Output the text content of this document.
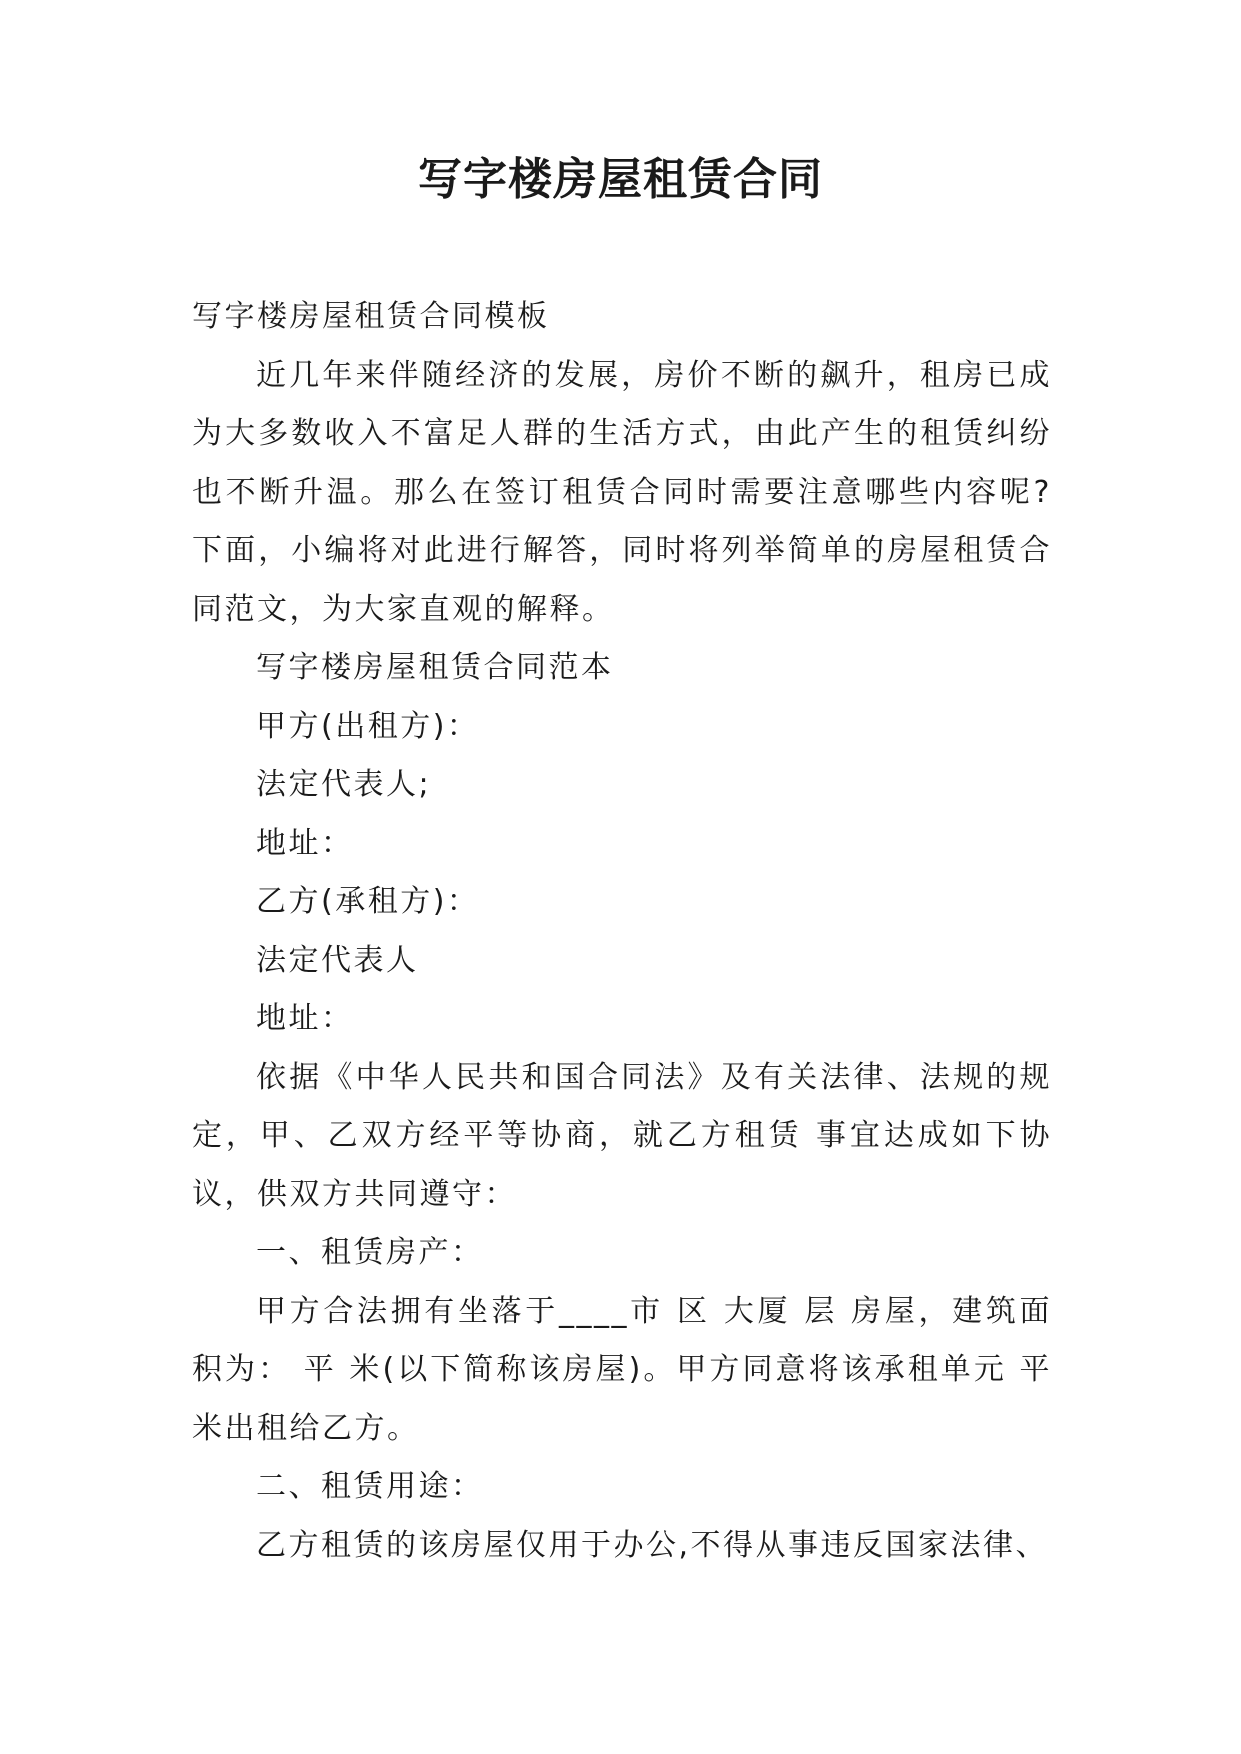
写字楼房屋租赁合同

写字楼房屋租赁合同模板

近几年来伴随经济的发展，房价不断的飙升，租房已成为大多数收入不富足人群的生活方式，由此产生的租赁纠纷也不断升温。那么在签订租赁合同时需要注意哪些内容呢?下面，小编将对此进行解答，同时将列举简单的房屋租赁合同范文，为大家直观的解释。

写字楼房屋租赁合同范本

甲方(出租方)：

法定代表人;

地址：

乙方(承租方)：

法定代表人

地址：

依据《中华人民共和国合同法》及有关法律、法规的规定，甲、乙双方经平等协商，就乙方租赁 事宜达成如下协议，供双方共同遵守：

一、租赁房产：

甲方合法拥有坐落于____市 区 大厦 层 房屋，建筑面积为： 平 米(以下简称该房屋)。甲方同意将该承租单元 平米出租给乙方。

二、租赁用途：

乙方租赁的该房屋仅用于办公,不得从事违反国家法律、
